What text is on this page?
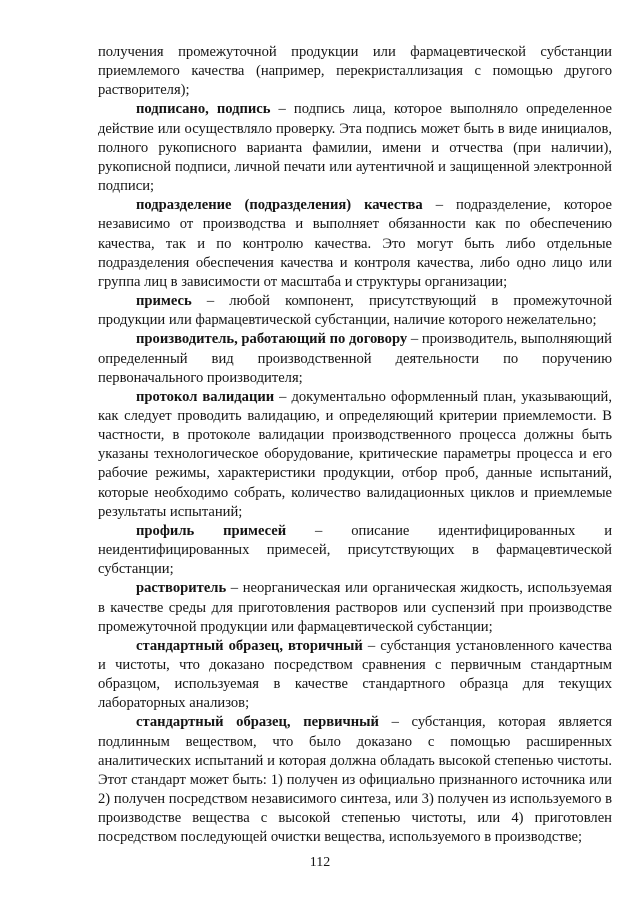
получения промежуточной продукции или фармацевтической субстанции приемлемого качества (например, перекристаллизация с помощью другого растворителя);

подписано, подпись – подпись лица, которое выполняло определенное действие или осуществляло проверку. Эта подпись может быть в виде инициалов, полного рукописного варианта фамилии, имени и отчества (при наличии), рукописной подписи, личной печати или аутентичной и защищенной электронной подписи;

подразделение (подразделения) качества – подразделение, которое независимо от производства и выполняет обязанности как по обеспечению качества, так и по контролю качества. Это могут быть либо отдельные подразделения обеспечения качества и контроля качества, либо одно лицо или группа лиц в зависимости от масштаба и структуры организации;

примесь – любой компонент, присутствующий в промежуточной продукции или фармацевтической субстанции, наличие которого нежелательно;

производитель, работающий по договору – производитель, выполняющий определенный вид производственной деятельности по поручению первоначального производителя;

протокол валидации – документально оформленный план, указывающий, как следует проводить валидацию, и определяющий критерии приемлемости. В частности, в протоколе валидации производственного процесса должны быть указаны технологическое оборудование, критические параметры процесса и его рабочие режимы, характеристики продукции, отбор проб, данные испытаний, которые необходимо собрать, количество валидационных циклов и приемлемые результаты испытаний;

профиль примесей – описание идентифицированных и неидентифицированных примесей, присутствующих в фармацевтической субстанции;

растворитель – неорганическая или органическая жидкость, используемая в качестве среды для приготовления растворов или суспензий при производстве промежуточной продукции или фармацевтической субстанции;

стандартный образец, вторичный – субстанция установленного качества и чистоты, что доказано посредством сравнения с первичным стандартным образцом, используемая в качестве стандартного образца для текущих лабораторных анализов;

стандартный образец, первичный – субстанция, которая является подлинным веществом, что было доказано с помощью расширенных аналитических испытаний и которая должна обладать высокой степенью чистоты. Этот стандарт может быть: 1) получен из официально признанного источника или 2) получен посредством независимого синтеза, или 3) получен из используемого в производстве вещества с высокой степенью чистоты, или 4) приготовлен посредством последующей очистки вещества, используемого в производстве;

112
